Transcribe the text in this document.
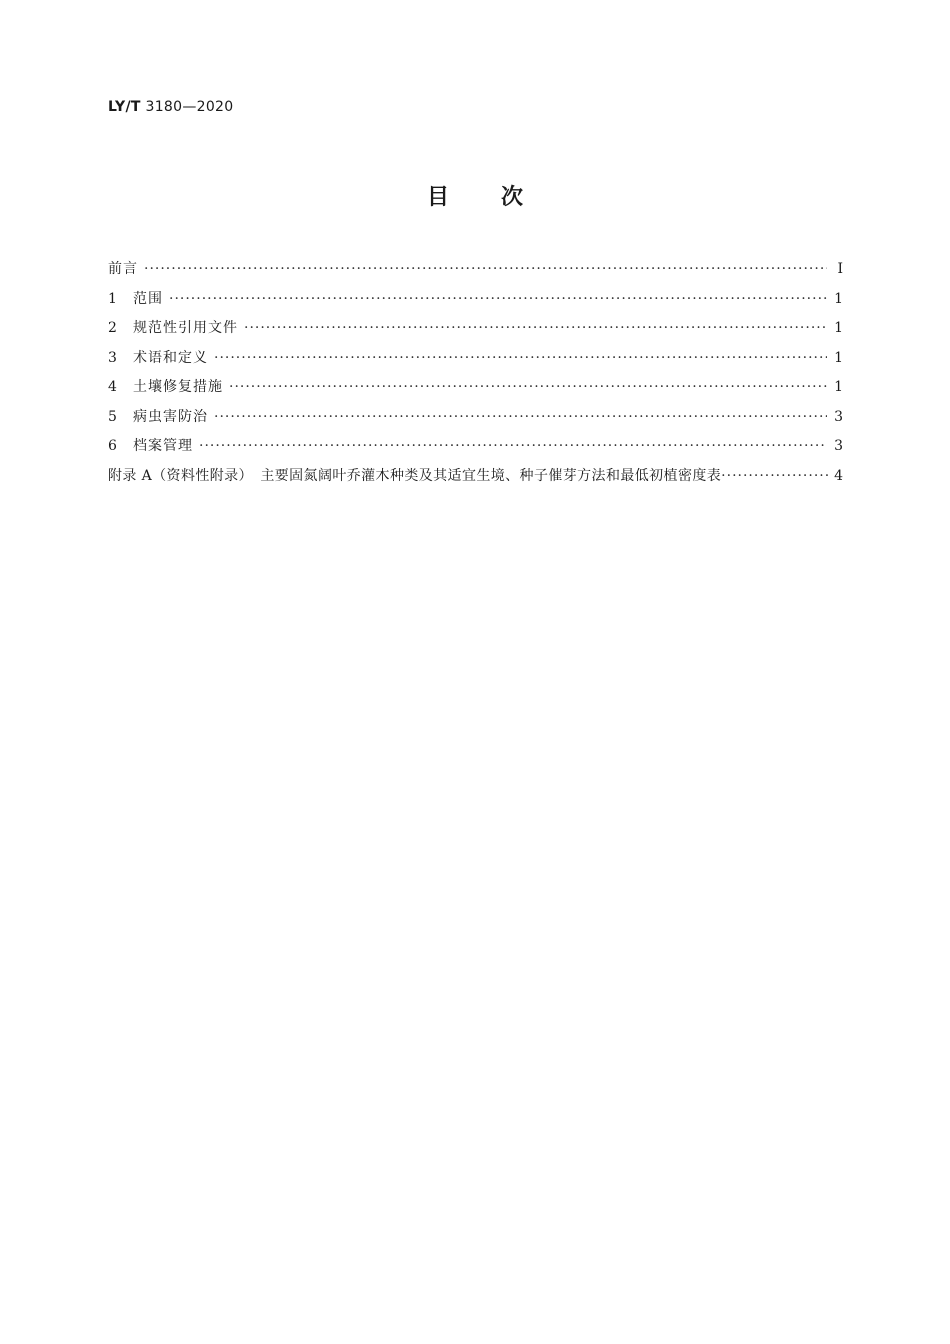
LY/T 3180—2020
目 次
前言 ·····	Ⅰ
1	范围 ·····	1
2	规范性引用文件 ·····	1
3	术语和定义 ·····	1
4	土壤修复措施 ·····	1
5	病虫害防治 ·····	3
6	档案管理 ·····	3
附录 A（资料性附录）　主要固氮阔叶乔灌木种类及其适宜生境、种子催芽方法和最低初植密度表 ·····	4
